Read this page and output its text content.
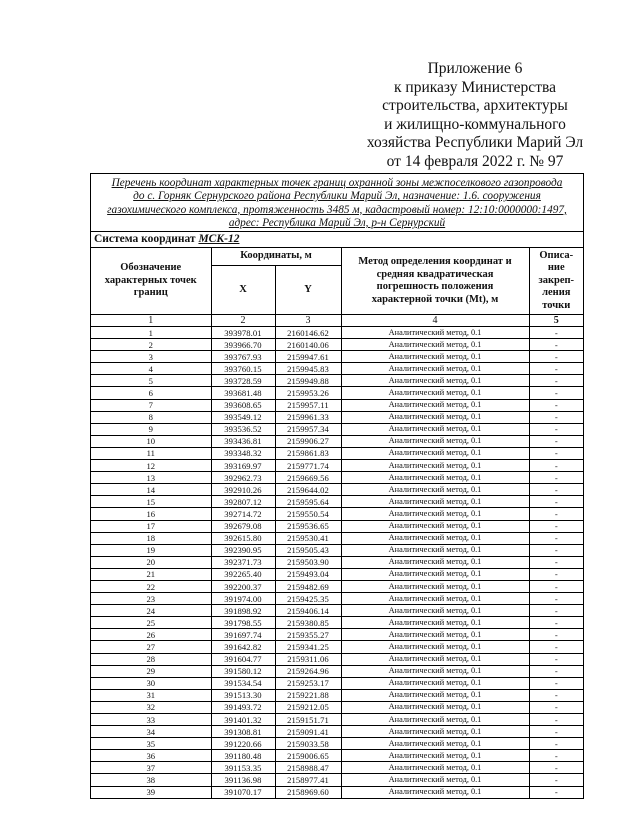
Приложение 6
к приказу Министерства
строительства, архитектуры
и жилищно-коммунального
хозяйства Республики Марий Эл
от 14 февраля 2022 г. № 97
Перечень координат характерных точек границ охранной зоны межпоселкового газопровода
до с. Горняк Сернурского района Республики Марий Эл, назначение: 1.6. сооружения
газохимического комплекса, протяженность 3485 м, кадастровый номер: 12:10:0000000:1497,
адрес: Республика Марий Эл, р-н Сернурский
Система координат МСК-12
Обозначение характерных точек границ	Координаты, м		Метод определения координат и средняя квадратическая погрешность положения характерной точки (Mt), м	Описа-ние закреп-ления точки
	X	Y		
1	2	3	4	5
1	393978.01	2160146.62	Аналитический метод, 0.1	-
2	393966.70	2160140.06	Аналитический метод, 0.1	-
3	393767.93	2159947.61	Аналитический метод, 0.1	-
4	393760.15	2159945.83	Аналитический метод, 0.1	-
5	393728.59	2159949.88	Аналитический метод, 0.1	-
6	393681.48	2159953.26	Аналитический метод, 0.1	-
7	393608.65	2159957.11	Аналитический метод, 0.1	-
8	393549.12	2159961.33	Аналитический метод, 0.1	-
9	393536.52	2159957.34	Аналитический метод, 0.1	-
10	393436.81	2159906.27	Аналитический метод, 0.1	-
11	393348.32	2159861.83	Аналитический метод, 0.1	-
12	393169.97	2159771.74	Аналитический метод, 0.1	-
13	392962.73	2159669.56	Аналитический метод, 0.1	-
14	392910.26	2159644.02	Аналитический метод, 0.1	-
15	392807.12	2159595.64	Аналитический метод, 0.1	-
16	392714.72	2159550.54	Аналитический метод, 0.1	-
17	392679.08	2159536.65	Аналитический метод, 0.1	-
18	392615.80	2159530.41	Аналитический метод, 0.1	-
19	392390.95	2159505.43	Аналитический метод, 0.1	-
20	392371.73	2159503.90	Аналитический метод, 0.1	-
21	392265.40	2159493.04	Аналитический метод, 0.1	-
22	392200.37	2159482.69	Аналитический метод, 0.1	-
23	391974.00	2159425.35	Аналитический метод, 0.1	-
24	391898.92	2159406.14	Аналитический метод, 0.1	-
25	391798.55	2159380.85	Аналитический метод, 0.1	-
26	391697.74	2159355.27	Аналитический метод, 0.1	-
27	391642.82	2159341.25	Аналитический метод, 0.1	-
28	391604.77	2159311.06	Аналитический метод, 0.1	-
29	391580.12	2159264.96	Аналитический метод, 0.1	-
30	391534.54	2159253.17	Аналитический метод, 0.1	-
31	391513.30	2159221.88	Аналитический метод, 0.1	-
32	391493.72	2159212.05	Аналитический метод, 0.1	-
33	391401.32	2159151.71	Аналитический метод, 0.1	-
34	391308.81	2159091.41	Аналитический метод, 0.1	-
35	391220.66	2159033.58	Аналитический метод, 0.1	-
36	391180.48	2159006.65	Аналитический метод, 0.1	-
37	391153.35	2158988.47	Аналитический метод, 0.1	-
38	391136.98	2158977.41	Аналитический метод, 0.1	-
39	391070.17	2158969.60	Аналитический метод, 0.1	-
